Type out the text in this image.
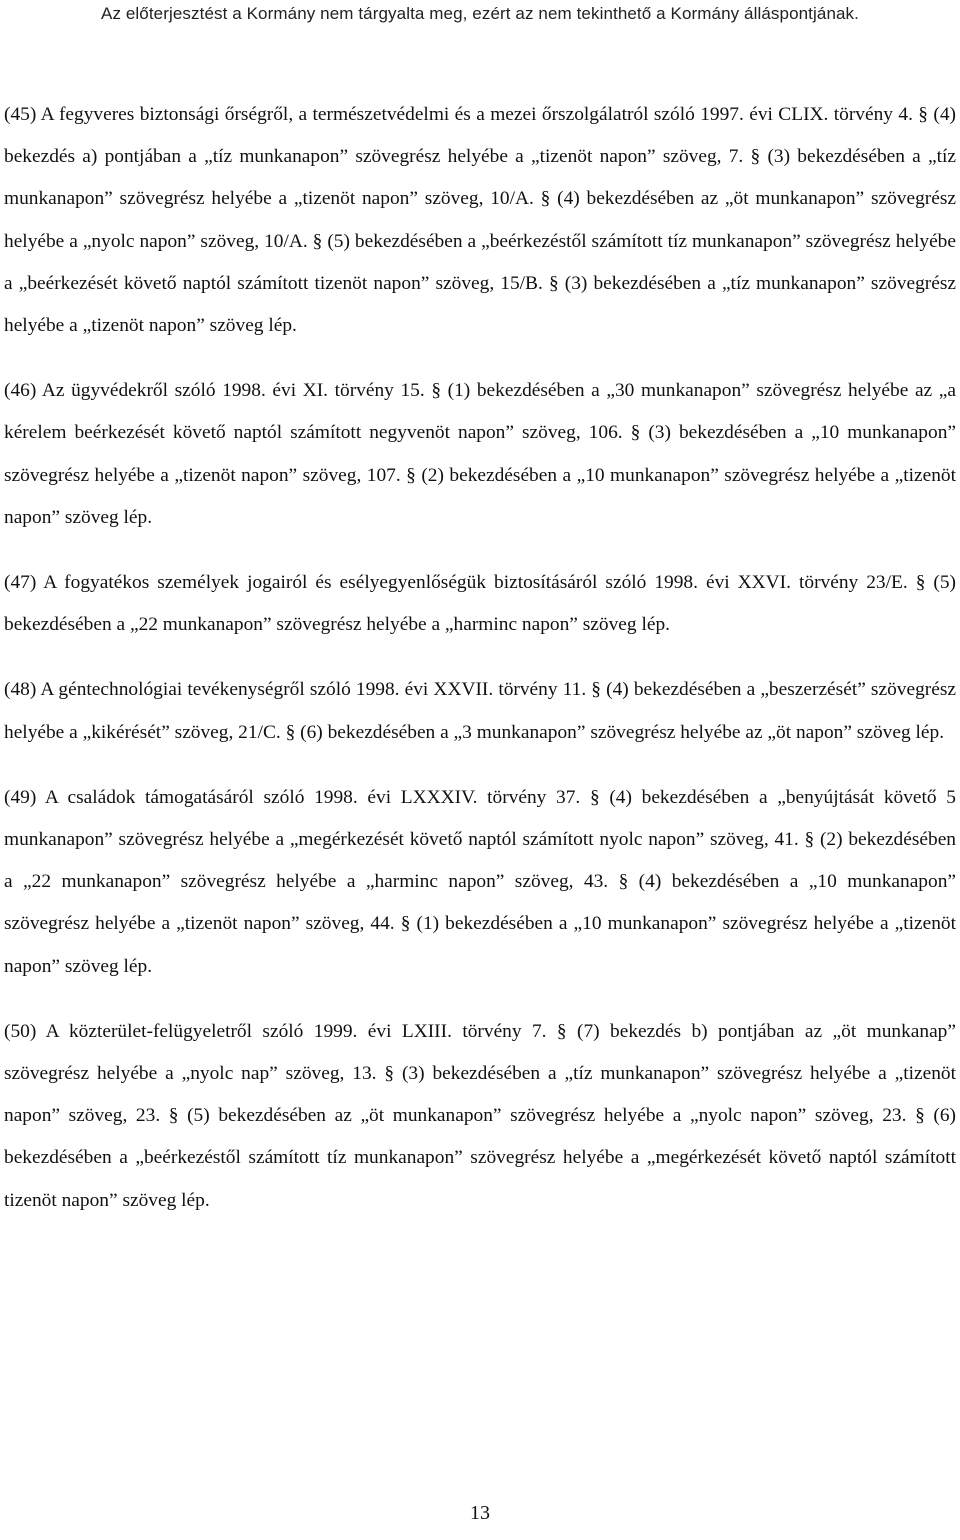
Az előterjesztést a Kormány nem tárgyalta meg, ezért az nem tekinthető a Kormány álláspontjának.

(45) A fegyveres biztonsági őrségről, a természetvédelmi és a mezei őrszolgálatról szóló 1997. évi CLIX. törvény 4. § (4) bekezdés a) pontjában a „tíz munkanapon” szövegrész helyébe a „tizenöt napon” szöveg, 7. § (3) bekezdésében a „tíz munkanapon” szövegrész helyébe a „tizenöt napon” szöveg, 10/A. § (4) bekezdésében az „öt munkanapon” szövegrész helyébe a „nyolc napon” szöveg, 10/A. § (5) bekezdésében a „beérkezéstől számított tíz munkanapon” szövegrész helyébe a „beérkezését követő naptól számított tizenöt napon” szöveg, 15/B. § (3) bekezdésében a „tíz munkanapon” szövegrész helyébe a „tizenöt napon” szöveg lép.

(46) Az ügyvédekről szóló 1998. évi XI. törvény 15. § (1) bekezdésében a „30 munkanapon” szövegrész helyébe az „a kérelem beérkezését követő naptól számított negyvenöt napon” szöveg, 106. § (3) bekezdésében a „10 munkanapon” szövegrész helyébe a „tizenöt napon” szöveg, 107. § (2) bekezdésében a „10 munkanapon” szövegrész helyébe a „tizenöt napon” szöveg lép.

(47) A fogyatékos személyek jogairól és esélyegyenlőségük biztosításáról szóló 1998. évi XXVI. törvény 23/E. § (5) bekezdésében a „22 munkanapon” szövegrész helyébe a „harminc napon” szöveg lép.

(48) A géntechnológiai tevékenységről szóló 1998. évi XXVII. törvény 11. § (4) bekezdésében a „beszerzését” szövegrész helyébe a „kikérését” szöveg, 21/C. § (6) bekezdésében a „3 munkanapon” szövegrész helyébe az „öt napon” szöveg lép.

(49) A családok támogatásáról szóló 1998. évi LXXXIV. törvény 37. § (4) bekezdésében a „benyújtását követő 5 munkanapon” szövegrész helyébe a „megérkezését követő naptól számított nyolc napon” szöveg, 41. § (2) bekezdésében a „22 munkanapon” szövegrész helyébe a „harminc napon” szöveg, 43. § (4) bekezdésében a „10 munkanapon” szövegrész helyébe a „tizenöt napon” szöveg, 44. § (1) bekezdésében a „10 munkanapon” szövegrész helyébe a „tizenöt napon” szöveg lép.

(50) A közterület-felügyeletről szóló 1999. évi LXIII. törvény 7. § (7) bekezdés b) pontjában az „öt munkanap” szövegrész helyébe a „nyolc nap” szöveg, 13. § (3) bekezdésében a „tíz munkanapon” szövegrész helyébe a „tizenöt napon” szöveg, 23. § (5) bekezdésében az „öt munkanapon” szövegrész helyébe a „nyolc napon” szöveg, 23. § (6) bekezdésében a „beérkezéstől számított tíz munkanapon” szövegrész helyébe a „megérkezését követő naptól számított tizenöt napon” szöveg lép.

13
